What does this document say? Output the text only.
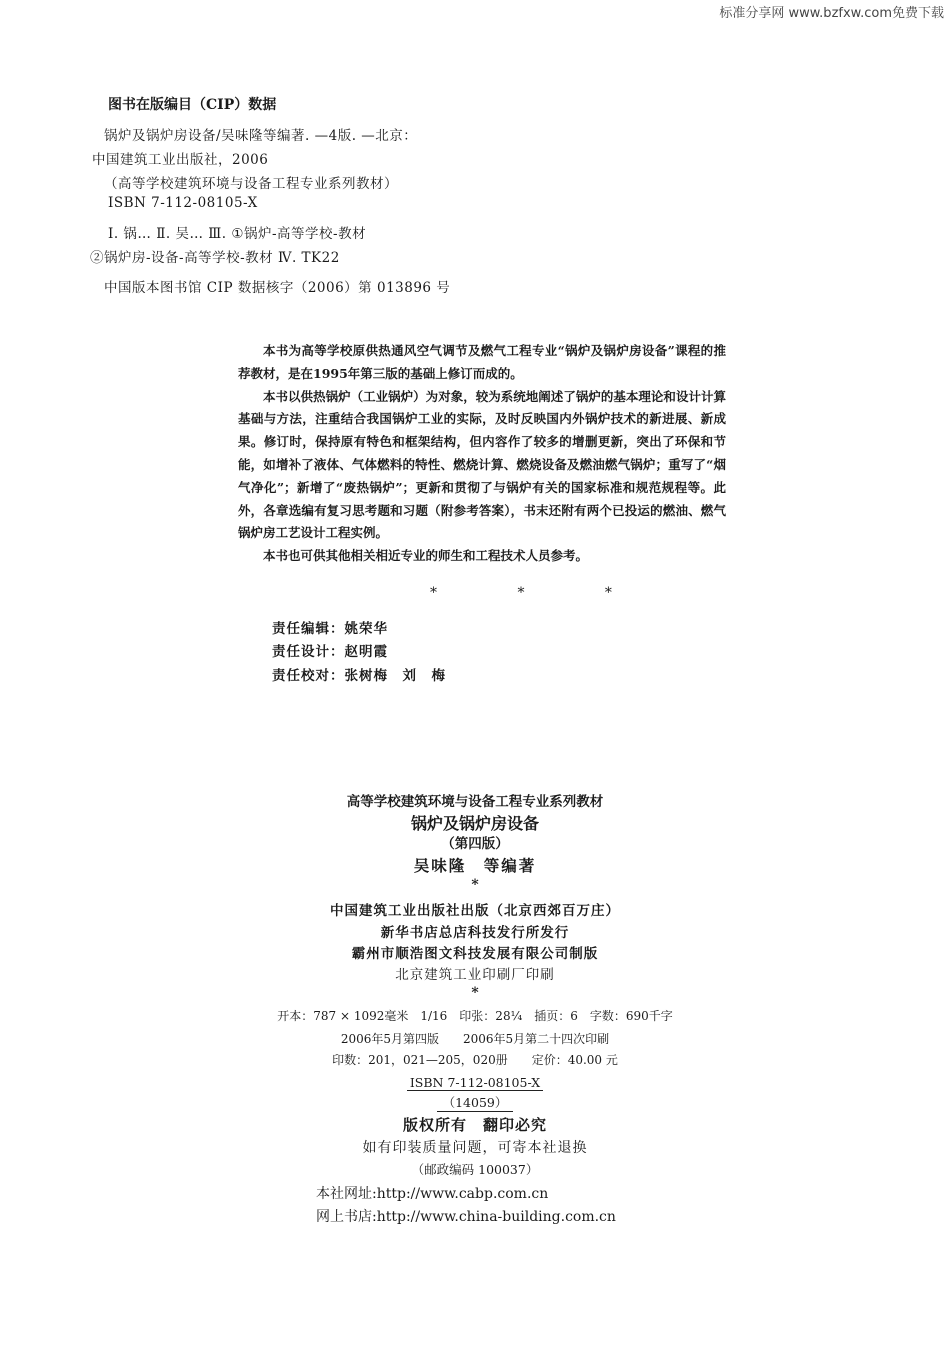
标准分享网 www.bzfxw.com免费下载
图书在版编目（CIP）数据
锅炉及锅炉房设备/吴味隆等编著. —4版. —北京：
中国建筑工业出版社，2006
（高等学校建筑环境与设备工程专业系列教材）
ISBN 7-112-08105-X
Ⅰ. 锅… Ⅱ. 吴… Ⅲ. ①锅炉-高等学校-教材
②锅炉房-设备-高等学校-教材 Ⅳ. TK22
中国版本图书馆 CIP 数据核字（2006）第 013896 号

本书为高等学校原供热通风空气调节及燃气工程专业“锅炉及锅炉房设备”课程的推荐教材，是在1995年第三版的基础上修订而成的。

本书以供热锅炉（工业锅炉）为对象，较为系统地阐述了锅炉的基本理论和设计计算基础与方法，注重结合我国锅炉工业的实际，及时反映国内外锅炉技术的新进展、新成果。修订时，保持原有特色和框架结构，但内容作了较多的增删更新，突出了环保和节能，如增补了液体、气体燃料的特性、燃烧计算、燃烧设备及燃油燃气锅炉；重写了“烟气净化”；新增了“废热锅炉”；更新和贯彻了与锅炉有关的国家标准和规范规程等。此外，各章选编有复习思考题和习题（附参考答案），书末还附有两个已投运的燃油、燃气锅炉房工艺设计工程实例。

本书也可供其他相关相近专业的师生和工程技术人员参考。

* * *
责任编辑：姚荣华
责任设计：赵明霞
责任校对：张树梅　刘　梅
高等学校建筑环境与设备工程专业系列教材
锅炉及锅炉房设备
（第四版）
吴味隆　等编著
*
中国建筑工业出版社出版（北京西郊百万庄）
新华书店总店科技发行所发行
霸州市顺浩图文科技发展有限公司制版
北京建筑工业印刷厂印刷
*
开本：787 × 1092毫米　1/16　印张：28¼　插页：6　字数：690千字
2006年5月第四版　　2006年5月第二十四次印刷
印数：201，021—205，020册　　定价：40.00 元
ISBN 7-112-08105-X
（14059）
版权所有　翻印必究
如有印装质量问题，可寄本社退换
（邮政编码 100037）
本社网址:http://www.cabp.com.cn
网上书店:http://www.china-building.com.cn
